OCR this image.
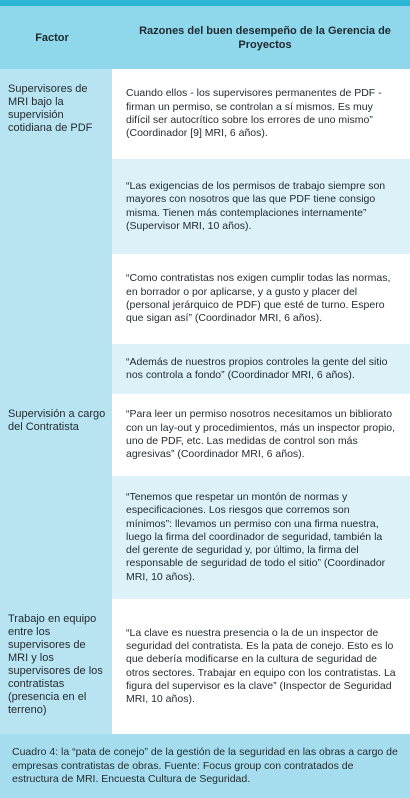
Factor
Razones del buen desempeño de la Gerencia de Proyectos
Supervisores de MRI bajo la supervisión cotidiana de PDF
Cuando ellos - los supervisores permanentes de PDF - firman un permiso, se controlan a sí mismos. Es muy difícil ser autocrítico sobre los errores de uno mismo” (Coordinador [9] MRI, 6 años).
“Las exigencias de los permisos de trabajo siempre son mayores con nosotros que las que PDF tiene consigo misma. Tienen más contemplaciones internamente” (Supervisor MRI, 10 años).
“Como contratistas nos exigen cumplir todas las normas, en borrador o por aplicarse, y a gusto y placer del (personal jerárquico de PDF) que esté de turno. Espero que sigan así” (Coordinador MRI, 6 años).
“Además de nuestros propios controles la gente del sitio nos controla a fondo” (Coordinador MRI, 6 años).
Supervisión a cargo del Contratista
“Para leer un permiso nosotros necesitamos un bibliorato con un lay-out y procedimientos, más un inspector propio, uno de PDF, etc. Las medidas de control son más agresivas” (Coordinador MRI, 6 años).
“Tenemos que respetar un montón de normas y especificaciones. Los riesgos que corremos son mínimos”: llevamos un permiso con una firma nuestra, luego la firma del coordinador de seguridad, también la del gerente de seguridad y, por último, la firma del responsable de seguridad de todo el sitio” (Coordinador MRI, 10 años).
Trabajo en equipo entre los supervisores de MRI y los supervisores de los contratistas (presencia en el terreno)
“La clave es nuestra presencia o la de un inspector de seguridad del contratista. Es la pata de conejo. Esto es lo que debería modificarse en la cultura de seguridad de otros sectores. Trabajar en equipo con los contratistas. La figura del supervisor es la clave” (Inspector de Seguridad MRI, 10 años).
Cuadro 4: la “pata de conejo” de la gestión de la seguridad en las obras a cargo de empresas contratistas de obras. Fuente: Focus group con contratados de estructura de MRI. Encuesta Cultura de Seguridad.
